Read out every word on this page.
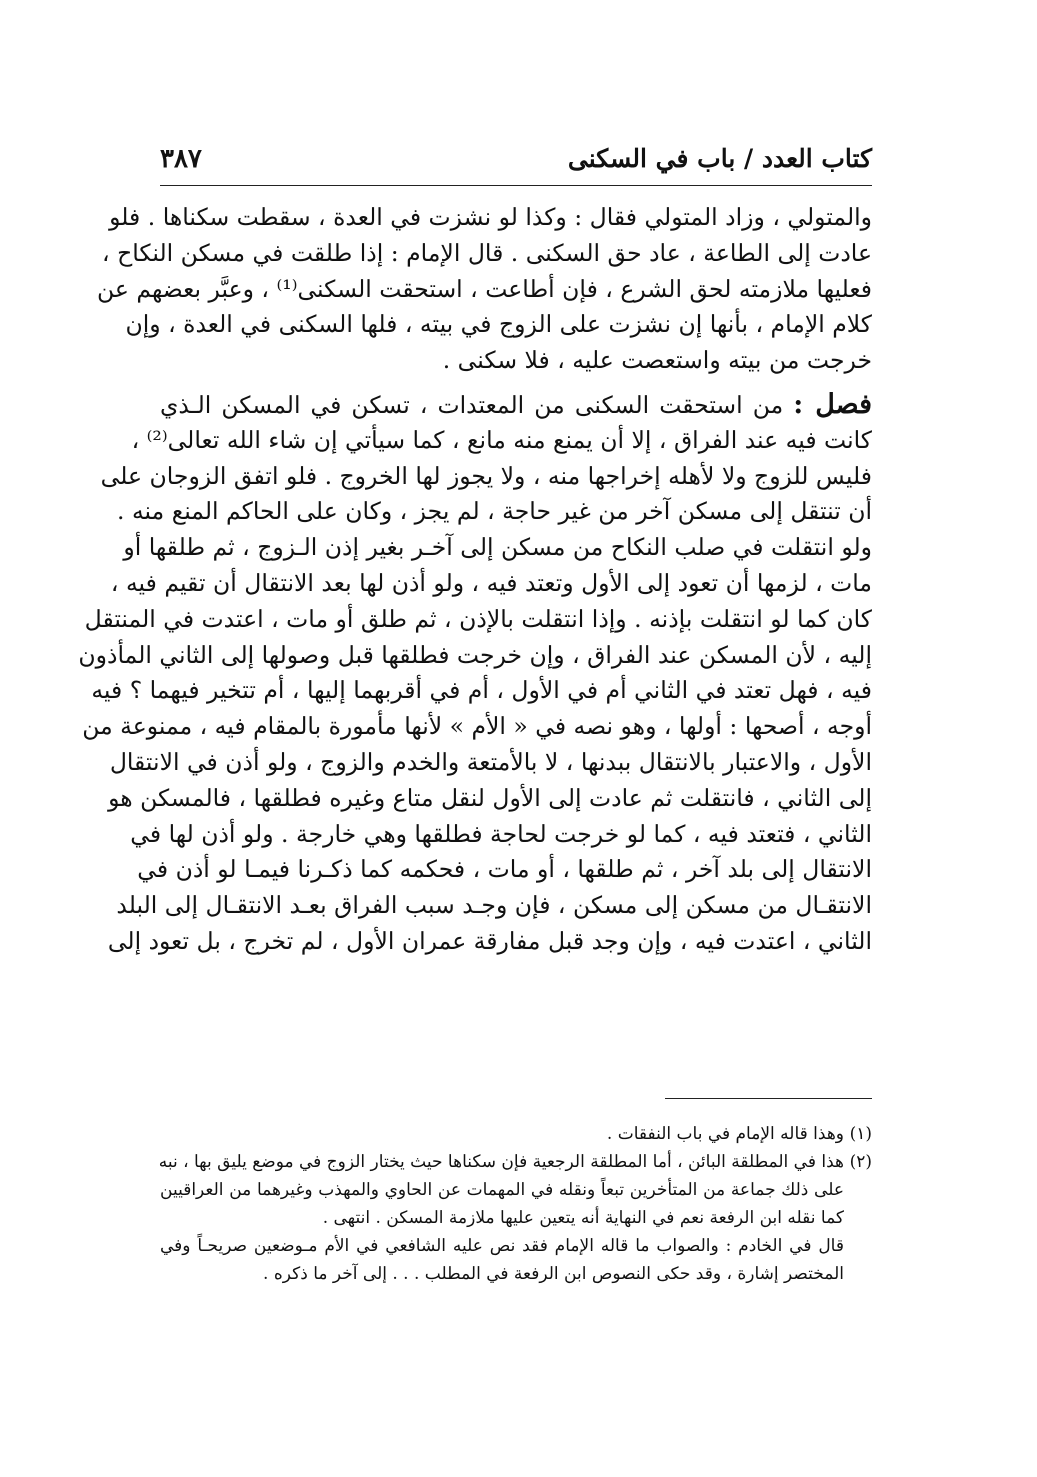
كتاب العدد / باب في السكنى
٣٨٧
والمتولي ، وزاد المتولي فقال : وكذا لو نشزت في العدة ، سقطت سكناها . فلو
عادت إلى الطاعة ، عاد حق السكنى . قال الإمام : إذا طلقت في مسكن النكاح ،
فعليها ملازمته لحق الشرع ، فإن أطاعت ، استحقت السكنى⁽¹⁾ ، وعبَّر بعضهم عن
كلام الإمام ، بأنها إن نشزت على الزوج في بيته ، فلها السكنى في العدة ، وإن
خرجت من بيته واستعصت عليه ، فلا سكنى .
فصل : من استحقت السكنى من المعتدات ، تسكن في المسكن الـذي
كانت فيه عند الفراق ، إلا أن يمنع منه مانع ، كما سيأتي إن شاء الله تعالى⁽²⁾ ،
فليس للزوج ولا لأهله إخراجها منه ، ولا يجوز لها الخروج . فلو اتفق الزوجان على
أن تنتقل إلى مسكن آخر من غير حاجة ، لم يجز ، وكان على الحاكم المنع منه .
ولو انتقلت في صلب النكاح من مسكن إلى آخـر بغير إذن الـزوج ، ثم طلقها أو
مات ، لزمها أن تعود إلى الأول وتعتد فيه ، ولو أذن لها بعد الانتقال أن تقيم فيه ،
كان كما لو انتقلت بإذنه . وإذا انتقلت بالإذن ، ثم طلق أو مات ، اعتدت في المنتقل
إليه ، لأن المسكن عند الفراق ، وإن خرجت فطلقها قبل وصولها إلى الثاني المأذون
فيه ، فهل تعتد في الثاني أم في الأول ، أم في أقربهما إليها ، أم تتخير فيهما ؟ فيه
أوجه ، أصحها : أولها ، وهو نصه في « الأم » لأنها مأمورة بالمقام فيه ، ممنوعة من
الأول ، والاعتبار بالانتقال ببدنها ، لا بالأمتعة والخدم والزوج ، ولو أذن في الانتقال
إلى الثاني ، فانتقلت ثم عادت إلى الأول لنقل متاع وغيره فطلقها ، فالمسكن هو
الثاني ، فتعتد فيه ، كما لو خرجت لحاجة فطلقها وهي خارجة . ولو أذن لها في
الانتقال إلى بلد آخر ، ثم طلقها ، أو مات ، فحكمه كما ذكـرنا فيمـا لو أذن في
الانتقـال من مسكن إلى مسكن ، فإن وجـد سبب الفراق بعـد الانتقـال إلى البلد
الثاني ، اعتدت فيه ، وإن وجد قبل مفارقة عمران الأول ، لم تخرج ، بل تعود إلى
(١)وهذا قاله الإمام في باب النفقات .
(٢)هذا في المطلقة البائن ، أما المطلقة الرجعية فإن سكناها حيث يختار الزوج في موضع يليق بها ، نبه
على ذلك جماعة من المتأخرين تبعاً ونقله في المهمات عن الحاوي والمهذب وغيرهما من العراقيين
كما نقله ابن الرفعة نعم في النهاية أنه يتعين عليها ملازمة المسكن . انتهى .
قال في الخادم : والصواب ما قاله الإمام فقد نص عليه الشافعي في الأم مـوضعين صريحـاً وفي
المختصر إشارة ، وقد حكى النصوص ابن الرفعة في المطلب . . . إلى آخر ما ذكره .
